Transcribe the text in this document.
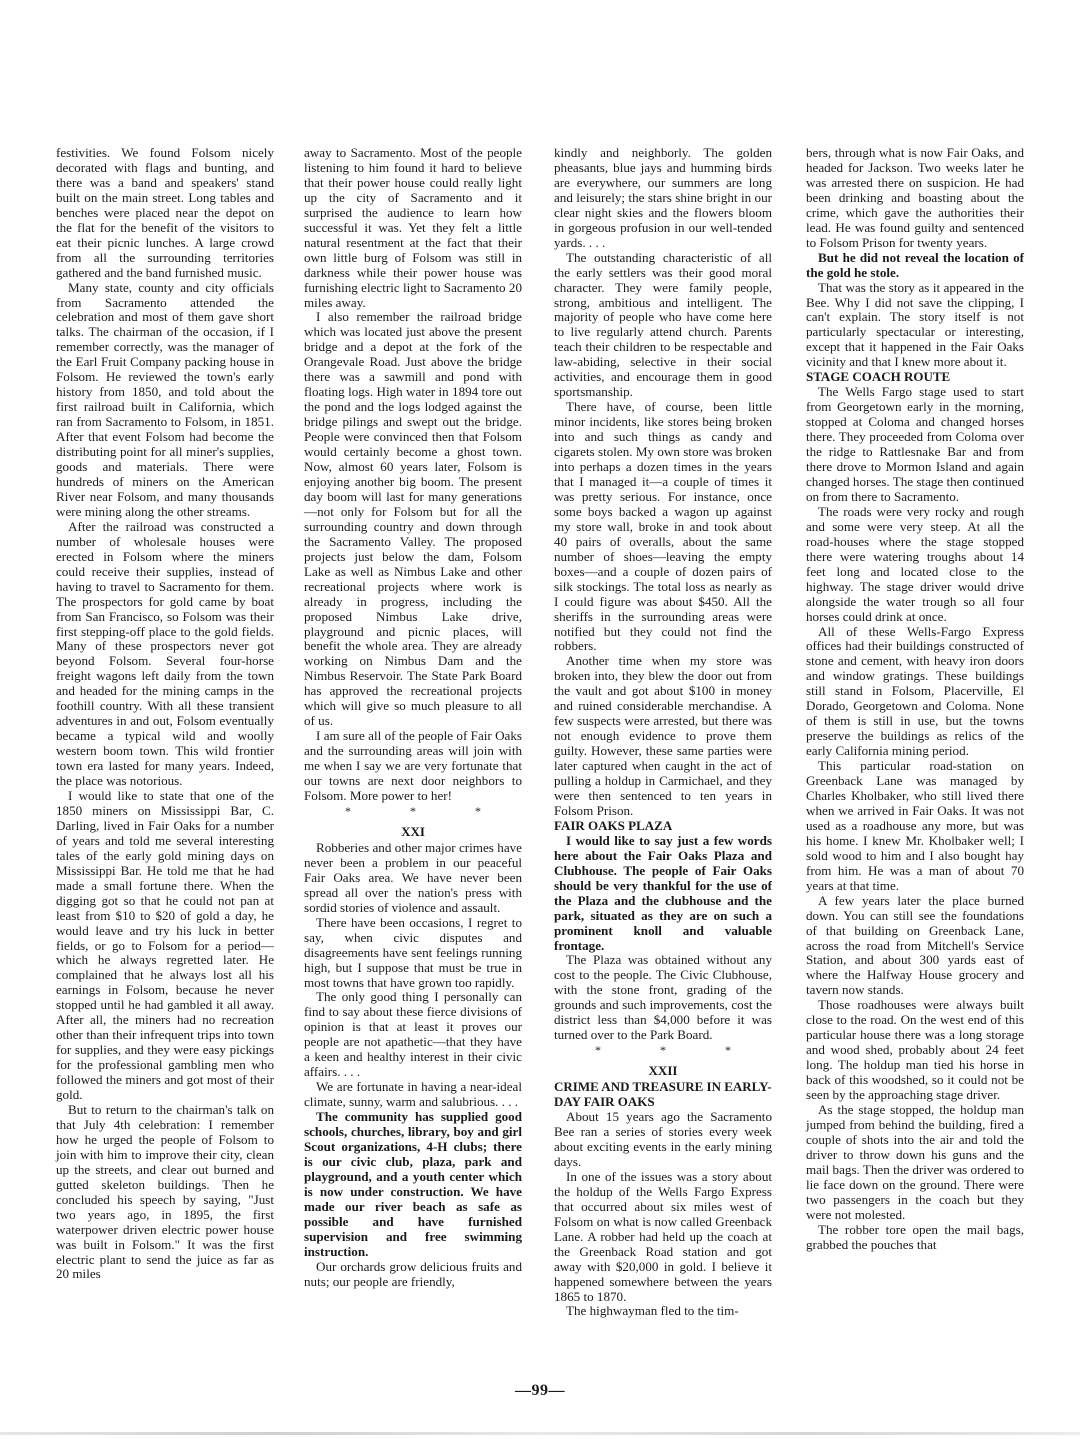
festivities. We found Folsom nicely decorated with flags and bunting, and there was a band and speakers' stand built on the main street. Long tables and benches were placed near the depot on the flat for the benefit of the visitors to eat their picnic lunches. A large crowd from all the surrounding territories gathered and the band furnished music.

Many state, county and city officials from Sacramento attended the celebration and most of them gave short talks. The chairman of the occasion, if I remember correctly, was the manager of the Earl Fruit Company packing house in Folsom. He reviewed the town's early history from 1850, and told about the first railroad built in California, which ran from Sacramento to Folsom, in 1851. After that event Folsom had become the distributing point for all miner's supplies, goods and materials. There were hundreds of miners on the American River near Folsom, and many thousands were mining along the other streams.

After the railroad was constructed a number of wholesale houses were erected in Folsom where the miners could receive their supplies, instead of having to travel to Sacramento for them. The prospectors for gold came by boat from San Francisco, so Folsom was their first stepping-off place to the gold fields. Many of these prospectors never got beyond Folsom. Several four-horse freight wagons left daily from the town and headed for the mining camps in the foothill country. With all these transient adventures in and out, Folsom eventually became a typical wild and woolly western boom town. This wild frontier town era lasted for many years. Indeed, the place was notorious.

I would like to state that one of the 1850 miners on Mississippi Bar, C. Darling, lived in Fair Oaks for a number of years and told me several interesting tales of the early gold mining days on Mississippi Bar. He told me that he had made a small fortune there. When the digging got so that he could not pan at least from $10 to $20 of gold a day, he would leave and try his luck in better fields, or go to Folsom for a period—which he always regretted later. He complained that he always lost all his earnings in Folsom, because he never stopped until he had gambled it all away. After all, the miners had no recreation other than their infrequent trips into town for supplies, and they were easy pickings for the professional gambling men who followed the miners and got most of their gold.

But to return to the chairman's talk on that July 4th celebration: I remember how he urged the people of Folsom to join with him to improve their city, clean up the streets, and clear out burned and gutted skeleton buildings. Then he concluded his speech by saying, "Just two years ago, in 1895, the first waterpower driven electric power house was built in Folsom." It was the first electric plant to send the juice as far as 20 miles

away to Sacramento. Most of the people listening to him found it hard to believe that their power house could really light up the city of Sacramento and it surprised the audience to learn how successful it was. Yet they felt a little natural resentment at the fact that their own little burg of Folsom was still in darkness while their power house was furnishing electric light to Sacramento 20 miles away.

I also remember the railroad bridge which was located just above the present bridge and a depot at the fork of the Orangevale Road. Just above the bridge there was a sawmill and pond with floating logs. High water in 1894 tore out the pond and the logs lodged against the bridge pilings and swept out the bridge. People were convinced then that Folsom would certainly become a ghost town. Now, almost 60 years later, Folsom is enjoying another big boom. The present day boom will last for many generations —not only for Folsom but for all the surrounding country and down through the Sacramento Valley. The proposed projects just below the dam, Folsom Lake as well as Nimbus Lake and other recreational projects where work is already in progress, including the proposed Nimbus Lake drive, playground and picnic places, will benefit the whole area. They are already working on Nimbus Dam and the Nimbus Reservoir. The State Park Board has approved the recreational projects which will give so much pleasure to all of us.

I am sure all of the people of Fair Oaks and the surrounding areas will join with me when I say we are very fortunate that our towns are next door neighbors to Folsom. More power to her!

* * *
XXI

Robberies and other major crimes have never been a problem in our peaceful Fair Oaks area. We have never been spread all over the nation's press with sordid stories of violence and assault.

There have been occasions, I regret to say, when civic disputes and disagreements have sent feelings running high, but I suppose that must be true in most towns that have grown too rapidly.

The only good thing I personally can find to say about these fierce divisions of opinion is that at least it proves our people are not apathetic—that they have a keen and healthy interest in their civic affairs. . . .

We are fortunate in having a near-ideal climate, sunny, warm and salubrious. . . .

The community has supplied good schools, churches, library, boy and girl Scout organizations, 4-H clubs; there is our civic club, plaza, park and playground, and a youth center which is now under construction. We have made our river beach as safe as possible and have furnished supervision and free swimming instruction.

Our orchards grow delicious fruits and nuts; our people are friendly,

kindly and neighborly. The golden pheasants, blue jays and humming birds are everywhere, our summers are long and leisurely; the stars shine bright in our clear night skies and the flowers bloom in gorgeous profusion in our well-tended yards. . . .

The outstanding characteristic of all the early settlers was their good moral character. They were family people, strong, ambitious and intelligent. The majority of people who have come here to live regularly attend church. Parents teach their children to be respectable and law-abiding, selective in their social activities, and encourage them in good sportsmanship.

There have, of course, been little minor incidents, like stores being broken into and such things as candy and cigarets stolen. My own store was broken into perhaps a dozen times in the years that I managed it—a couple of times it was pretty serious. For instance, once some boys backed a wagon up against my store wall, broke in and took about 40 pairs of overalls, about the same number of shoes—leaving the empty boxes—and a couple of dozen pairs of silk stockings. The total loss as nearly as I could figure was about $450. All the sheriffs in the surrounding areas were notified but they could not find the robbers.

Another time when my store was broken into, they blew the door out from the vault and got about $100 in money and ruined considerable merchandise. A few suspects were arrested, but there was not enough evidence to prove them guilty. However, these same parties were later captured when caught in the act of pulling a holdup in Carmichael, and they were then sentenced to ten years in Folsom Prison.

FAIR OAKS PLAZA

I would like to say just a few words here about the Fair Oaks Plaza and Clubhouse. The people of Fair Oaks should be very thankful for the use of the Plaza and the clubhouse and the park, situated as they are on such a prominent knoll and valuable frontage.

The Plaza was obtained without any cost to the people. The Civic Clubhouse, with the stone front, grading of the grounds and such improvements, cost the district less than $4,000 before it was turned over to the Park Board.

* * *
XXII
CRIME AND TREASURE IN EARLY-DAY FAIR OAKS

About 15 years ago the Sacramento Bee ran a series of stories every week about exciting events in the early mining days.

In one of the issues was a story about the holdup of the Wells Fargo Express that occurred about six miles west of Folsom on what is now called Greenback Lane. A robber had held up the coach at the Greenback Road station and got away with $20,000 in gold. I believe it happened somewhere between the years 1865 to 1870.

The highwayman fled to the tim-

bers, through what is now Fair Oaks, and headed for Jackson. Two weeks later he was arrested there on suspicion. He had been drinking and boasting about the crime, which gave the authorities their lead. He was found guilty and sentenced to Folsom Prison for twenty years.

But he did not reveal the location of the gold he stole.

That was the story as it appeared in the Bee. Why I did not save the clipping, I can't explain. The story itself is not particularly spectacular or interesting, except that it happened in the Fair Oaks vicinity and that I knew more about it.

STAGE COACH ROUTE

The Wells Fargo stage used to start from Georgetown early in the morning, stopped at Coloma and changed horses there. They proceeded from Coloma over the ridge to Rattlesnake Bar and from there drove to Mormon Island and again changed horses. The stage then continued on from there to Sacramento.

The roads were very rocky and rough and some were very steep. At all the road-houses where the stage stopped there were watering troughs about 14 feet long and located close to the highway. The stage driver would drive alongside the water trough so all four horses could drink at once.

All of these Wells-Fargo Express offices had their buildings constructed of stone and cement, with heavy iron doors and window gratings. These buildings still stand in Folsom, Placerville, El Dorado, Georgetown and Coloma. None of them is still in use, but the towns preserve the buildings as relics of the early California mining period.

This particular road-station on Greenback Lane was managed by Charles Kholbaker, who still lived there when we arrived in Fair Oaks. It was not used as a roadhouse any more, but was his home. I knew Mr. Kholbaker well; I sold wood to him and I also bought hay from him. He was a man of about 70 years at that time.

A few years later the place burned down. You can still see the foundations of that building on Greenback Lane, across the road from Mitchell's Service Station, and about 300 yards east of where the Halfway House grocery and tavern now stands.

Those roadhouses were always built close to the road. On the west end of this particular house there was a long storage and wood shed, probably about 24 feet long. The holdup man tied his horse in back of this woodshed, so it could not be seen by the approaching stage driver.

As the stage stopped, the holdup man jumped from behind the building, fired a couple of shots into the air and told the driver to throw down his guns and the mail bags. Then the driver was ordered to lie face down on the ground. There were two passengers in the coach but they were not molested.

The robber tore open the mail bags, grabbed the pouches that

—99—
